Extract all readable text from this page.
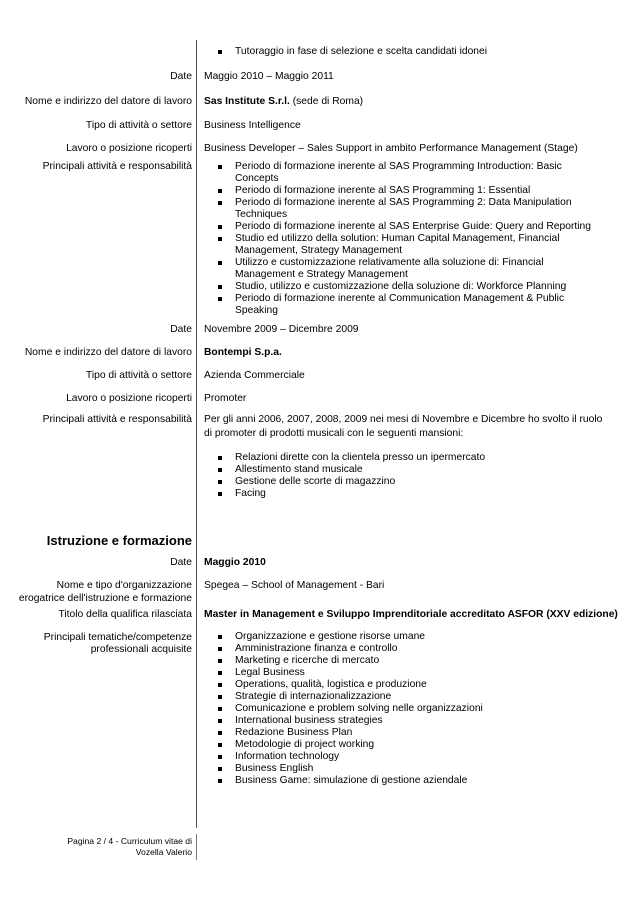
Tutoraggio in fase di selezione e scelta candidati idonei
Date Maggio 2010 – Maggio 2011
Nome e indirizzo del datore di lavoro Sas Institute S.r.l. (sede di Roma)
Tipo di attività o settore Business Intelligence
Lavoro o posizione ricoperti Business Developer – Sales Support in ambito Performance Management (Stage)
Principali attività e responsabilità	Periodo di formazione inerente al SAS Programming Introduction: Basic Concepts
Periodo di formazione inerente al SAS Programming 1: Essential
Periodo di formazione inerente al SAS Programming 2: Data Manipulation Techniques
Periodo di formazione inerente al SAS Enterprise Guide: Query and Reporting
Studio ed utilizzo della solution: Human Capital Management, Financial Management, Strategy Management
Utilizzo e customizzazione relativamente alla soluzione di: Financial Management e Strategy Management
Studio, utilizzo e customizzazione della soluzione di: Workforce Planning
Periodo di formazione inerente al Communication Management & Public Speaking
Date Novembre 2009 – Dicembre 2009
Nome e indirizzo del datore di lavoro Bontempi S.p.a.
Tipo di attività o settore Azienda Commerciale
Lavoro o posizione ricoperti Promoter
Principali attività e responsabilità Per gli anni 2006, 2007, 2008, 2009 nei mesi di Novembre e Dicembre ho svolto il ruolo di promoter di prodotti musicali con le seguenti mansioni:
Relazioni dirette con la clientela presso un ipermercato
Allestimento stand musicale
Gestione delle scorte di magazzino
Facing
Istruzione e formazione
Date Maggio 2010
Nome e tipo d'organizzazione
erogatrice dell'istruzione e formazione
Spegea – School of Management - Bari
Titolo della qualifica rilasciata Master in Management e Sviluppo Imprenditoriale accreditato ASFOR (XXV edizione)
Principali tematiche/competenze
professionali acquisite
Organizzazione e gestione risorse umane
Amministrazione finanza e controllo
Marketing e ricerche di mercato
Legal Business
Operations, qualità, logistica e produzione
Strategie di internazionalizzazione
Comunicazione e problem solving nelle organizzazioni
International business strategies
Redazione Business Plan
Metodologie di project working
Information technology
Business English
Business Game: simulazione di gestione aziendale
Pagina 2 / 4 - Curriculum vitae di
Vozella Valerio
